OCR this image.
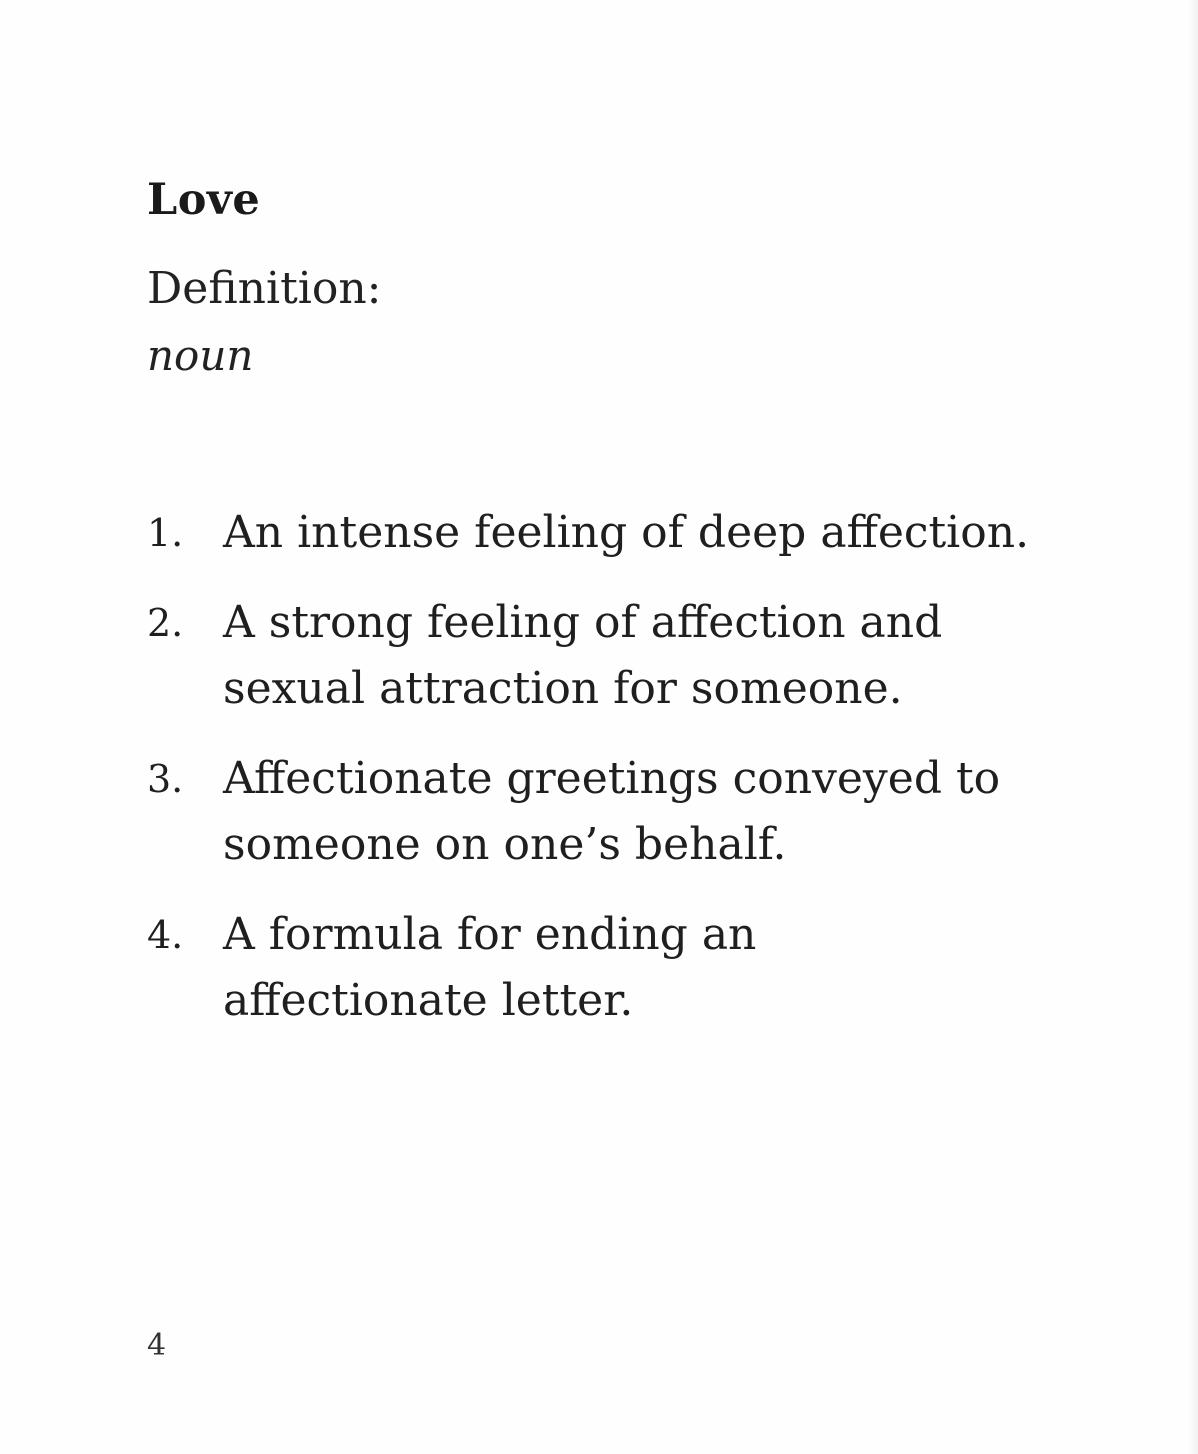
Love
Definition:
noun
1. An intense feeling of deep affection.
2. A strong feeling of affection and sexual attraction for someone.
3. Affectionate greetings conveyed to someone on one’s behalf.
4. A formula for ending an affectionate letter.
4
